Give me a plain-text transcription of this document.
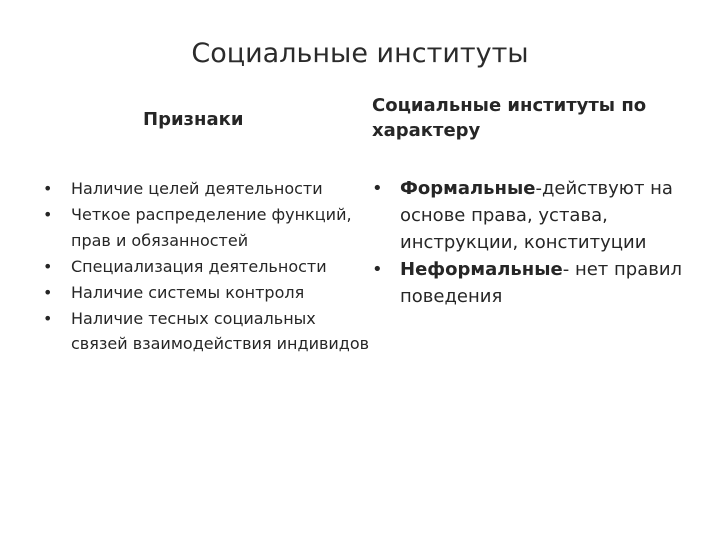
Социальные институты
Признаки
Социальные институты по характеру
• Наличие целей деятельности
• Четкое распределение функций, прав и обязанностей
• Специализация деятельности
• Наличие системы контроля
• Наличие тесных социальных связей взаимодействия индивидов
• Формальные-действуют на основе права, устава, инструкции, конституции
• Неформальные- нет правил поведения
